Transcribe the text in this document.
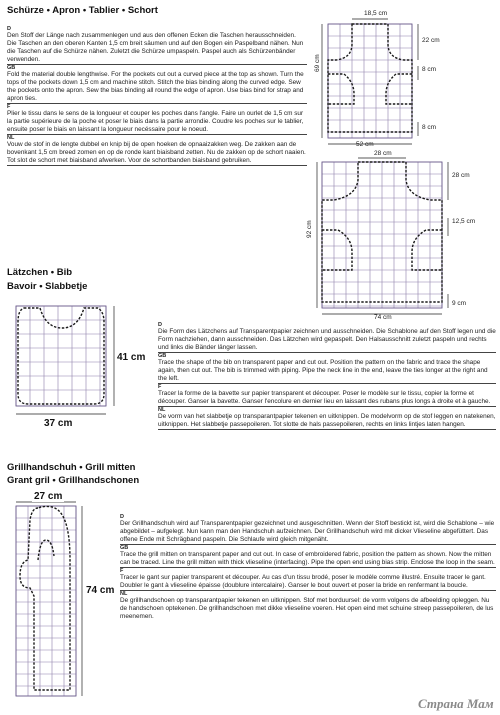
Schürze • Apron • Tablier • Schort
D
Den Stoff der Länge nach zusammenlegen und aus den offenen Ecken die Taschen herausschneiden. Die Taschen an den oberen Kanten 1,5 cm breit säumen und auf den Bogen ein Paspelband nähen. Nun die Taschen auf die Schürze nähen. Zuletzt die Schürze umpaspeln. Paspel auch als Schürzenbänder verwenden.
GB
Fold the material double lengthwise. For the pockets cut out a curved piece at the top as shown. Turn the tops of the pockets down 1,5 cm and machine stitch. Stitch the bias binding along the curved edge. Sew the pockets onto the apron. Sew the bias binding all round the edge of apron. Use bias bind for strap and apron ties.
F
Plier le tissu dans le sens de la longueur et couper les poches dans l'angle. Faire un ourlet de 1,5 cm sur la partie supérieure de la poche et poser le biais dans la partie arrondie. Coudre les poches sur le tablier, ensuite poser le biais en laissant la longueur necéssaire pour le noeud.
NL
Vouw de stof in de lengte dubbel en knip bij de open hoeken de opnaaizakken weg. De zakken aan de bovenkant 1,5 cm breed zomen en op de ronde kant biaisband zetten. Nu de zakken op de schort naaien. Tot slot de schort met biaisband afwerken. Voor de schortbanden biaisband gebruiken.
18,5 cm
22 cm
8 cm
8 cm
69 cm
52 cm
28 cm
28 cm
12,5 cm
9 cm
92 cm
74 cm
Lätzchen • Bib
Bavoir • Slabbetje
41 cm
37 cm
D
Die Form des Lätzchens auf Transparentpapier zeichnen und ausschneiden. Die Schablone auf den Stoff legen und die Form nachziehen, dann ausschneiden. Das Lätzchen wird gepaspelt. Den Halsausschnitt zuletzt paspeln und rechts und links die Bänder länger lassen.
GB
Trace the shape of the bib on transparent paper and cut out. Position the pattern on the fabric and trace the shape again, then cut out. The bib is trimmed with piping. Pipe the neck line in the end, leave the ties longer at the right and the left.
F
Tracer la forme de la bavette sur papier transparent et découper. Poser le modèle sur le tissu, copier la forme et découper. Ganser la bavette. Ganser l'encolure en dernier lieu en laissant des rubans plus longs à droite et à gauche.
NL
De vorm van het slabbetje op transparantpapier tekenen en uitknippen. De modelvorm op de stof leggen en natekenen, uitknippen. Het slabbetje passepoileren. Tot slotte de hals passepoileren, rechts en links lintjes laten hangen.
Grillhandschuh • Grill mitten
Grant gril • Grillhandschonen
27 cm
74 cm
D
Der Grillhandschuh wird auf Transparentpapier gezeichnet und ausgeschnitten. Wenn der Stoff bestickt ist, wird die Schablone – wie abgebildet – aufgelegt. Nun kann man den Handschuh aufzeichnen. Der Grillhandschuh wird mit dicker Vlieseline abgefüttert. Das offene Ende mit Schrägband paspeln. Die Schlaufe wird gleich mitgenäht.
GB
Trace the grill mitten on transparent paper and cut out. In case of embroidered fabric, position the pattern as shown. Now the mitten can be traced. Line the grill mitten with thick vlieseline (interfacing). Pipe the open end using bias strip. Enclose the loop in the seam.
F
Tracer le gant sur papier transparent et découper. Au cas d'un tissu brodé, poser le modèle comme illustré. Ensuite tracer le gant. Doubler le gant à vlieseline épaisse (doublure intercalaire). Ganser le bout ouvert et poser la bride en renfermant la boucle.
NL
De grillhandschoen op transparantpapier tekenen en uitknippen. Stof met borduursel: de vorm volgens de afbeelding opleggen. Nu de handschoen optekenen. De grillhandschoen met dikke vlieseline voeren. Het open eind met schuine streep passepoileren, de lus meenemen.
Страна Мам
